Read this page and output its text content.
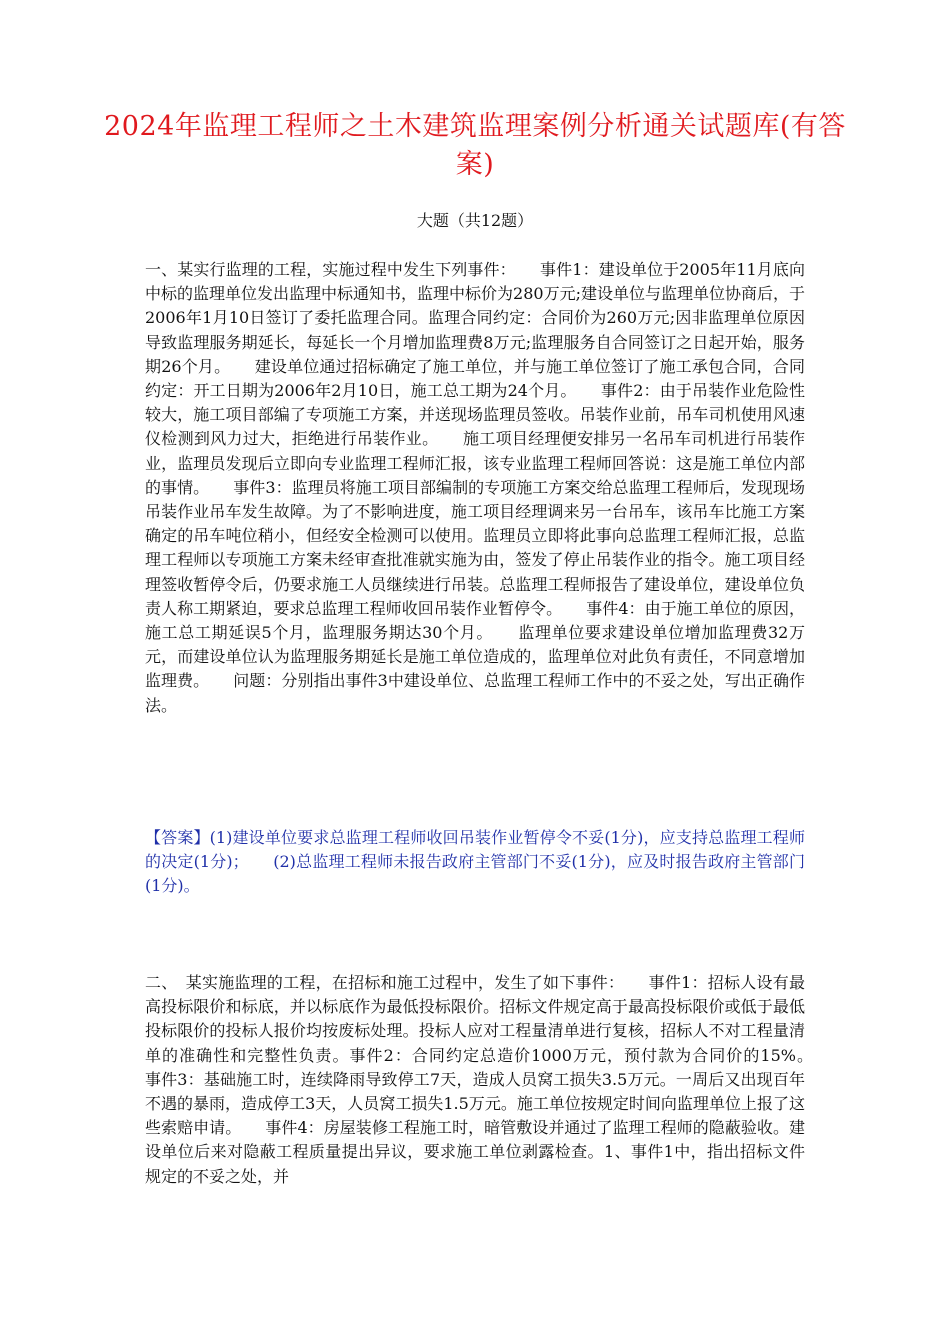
2024年监理工程师之土木建筑监理案例分析通关试题库(有答案)
大题（共12题）

一、某实行监理的工程，实施过程中发生下列事件：　　事件1：建设单位于2005年11月底向中标的监理单位发出监理中标通知书，监理中标价为280万元;建设单位与监理单位协商后，于2006年1月10日签订了委托监理合同。监理合同约定：合同价为260万元;因非监理单位原因导致监理服务期延长，每延长一个月增加监理费8万元;监理服务自合同签订之日起开始，服务期26个月。　　建设单位通过招标确定了施工单位，并与施工单位签订了施工承包合同，合同约定：开工日期为2006年2月10日，施工总工期为24个月。　　事件2：由于吊装作业危险性较大，施工项目部编了专项施工方案，并送现场监理员签收。吊装作业前，吊车司机使用风速仪检测到风力过大，拒绝进行吊装作业。　　施工项目经理便安排另一名吊车司机进行吊装作业，监理员发现后立即向专业监理工程师汇报，该专业监理工程师回答说：这是施工单位内部的事情。　　事件3：监理员将施工项目部编制的专项施工方案交给总监理工程师后，发现现场吊装作业吊车发生故障。为了不影响进度，施工项目经理调来另一台吊车，该吊车比施工方案确定的吊车吨位稍小，但经安全检测可以使用。监理员立即将此事向总监理工程师汇报，总监理工程师以专项施工方案未经审查批准就实施为由，签发了停止吊装作业的指令。施工项目经理签收暂停令后，仍要求施工人员继续进行吊装。总监理工程师报告了建设单位，建设单位负责人称工期紧迫，要求总监理工程师收回吊装作业暂停令。　　事件4：由于施工单位的原因，施工总工期延误5个月，监理服务期达30个月。　　监理单位要求建设单位增加监理费32万元，而建设单位认为监理服务期延长是施工单位造成的，监理单位对此负有责任，不同意增加监理费。　　问题：分别指出事件3中建设单位、总监理工程师工作中的不妥之处，写出正确作法。

【答案】(1)建设单位要求总监理工程师收回吊装作业暂停令不妥(1分)，应支持总监理工程师的决定(1分)；　　(2)总监理工程师未报告政府主管部门不妥(1分)，应及时报告政府主管部门(1分)。

二、　某实施监理的工程，在招标和施工过程中，发生了如下事件：　　事件1：招标人设有最高投标限价和标底，并以标底作为最低投标限价。招标文件规定高于最高投标限价或低于最低投标限价的投标人报价均按废标处理。投标人应对工程量清单进行复核，招标人不对工程量清单的准确性和完整性负责。事件2：合同约定总造价1000万元，预付款为合同价的15%。　　事件3：基础施工时，连续降雨导致停工7天，造成人员窝工损失3.5万元。一周后又出现百年不遇的暴雨，造成停工3天，人员窝工损失1.5万元。施工单位按规定时间向监理单位上报了这些索赔申请。　　事件4：房屋装修工程施工时，暗管敷设并通过了监理工程师的隐蔽验收。建设单位后来对隐蔽工程质量提出异议，要求施工单位剥露检查。1、事件1中，指出招标文件规定的不妥之处，并
